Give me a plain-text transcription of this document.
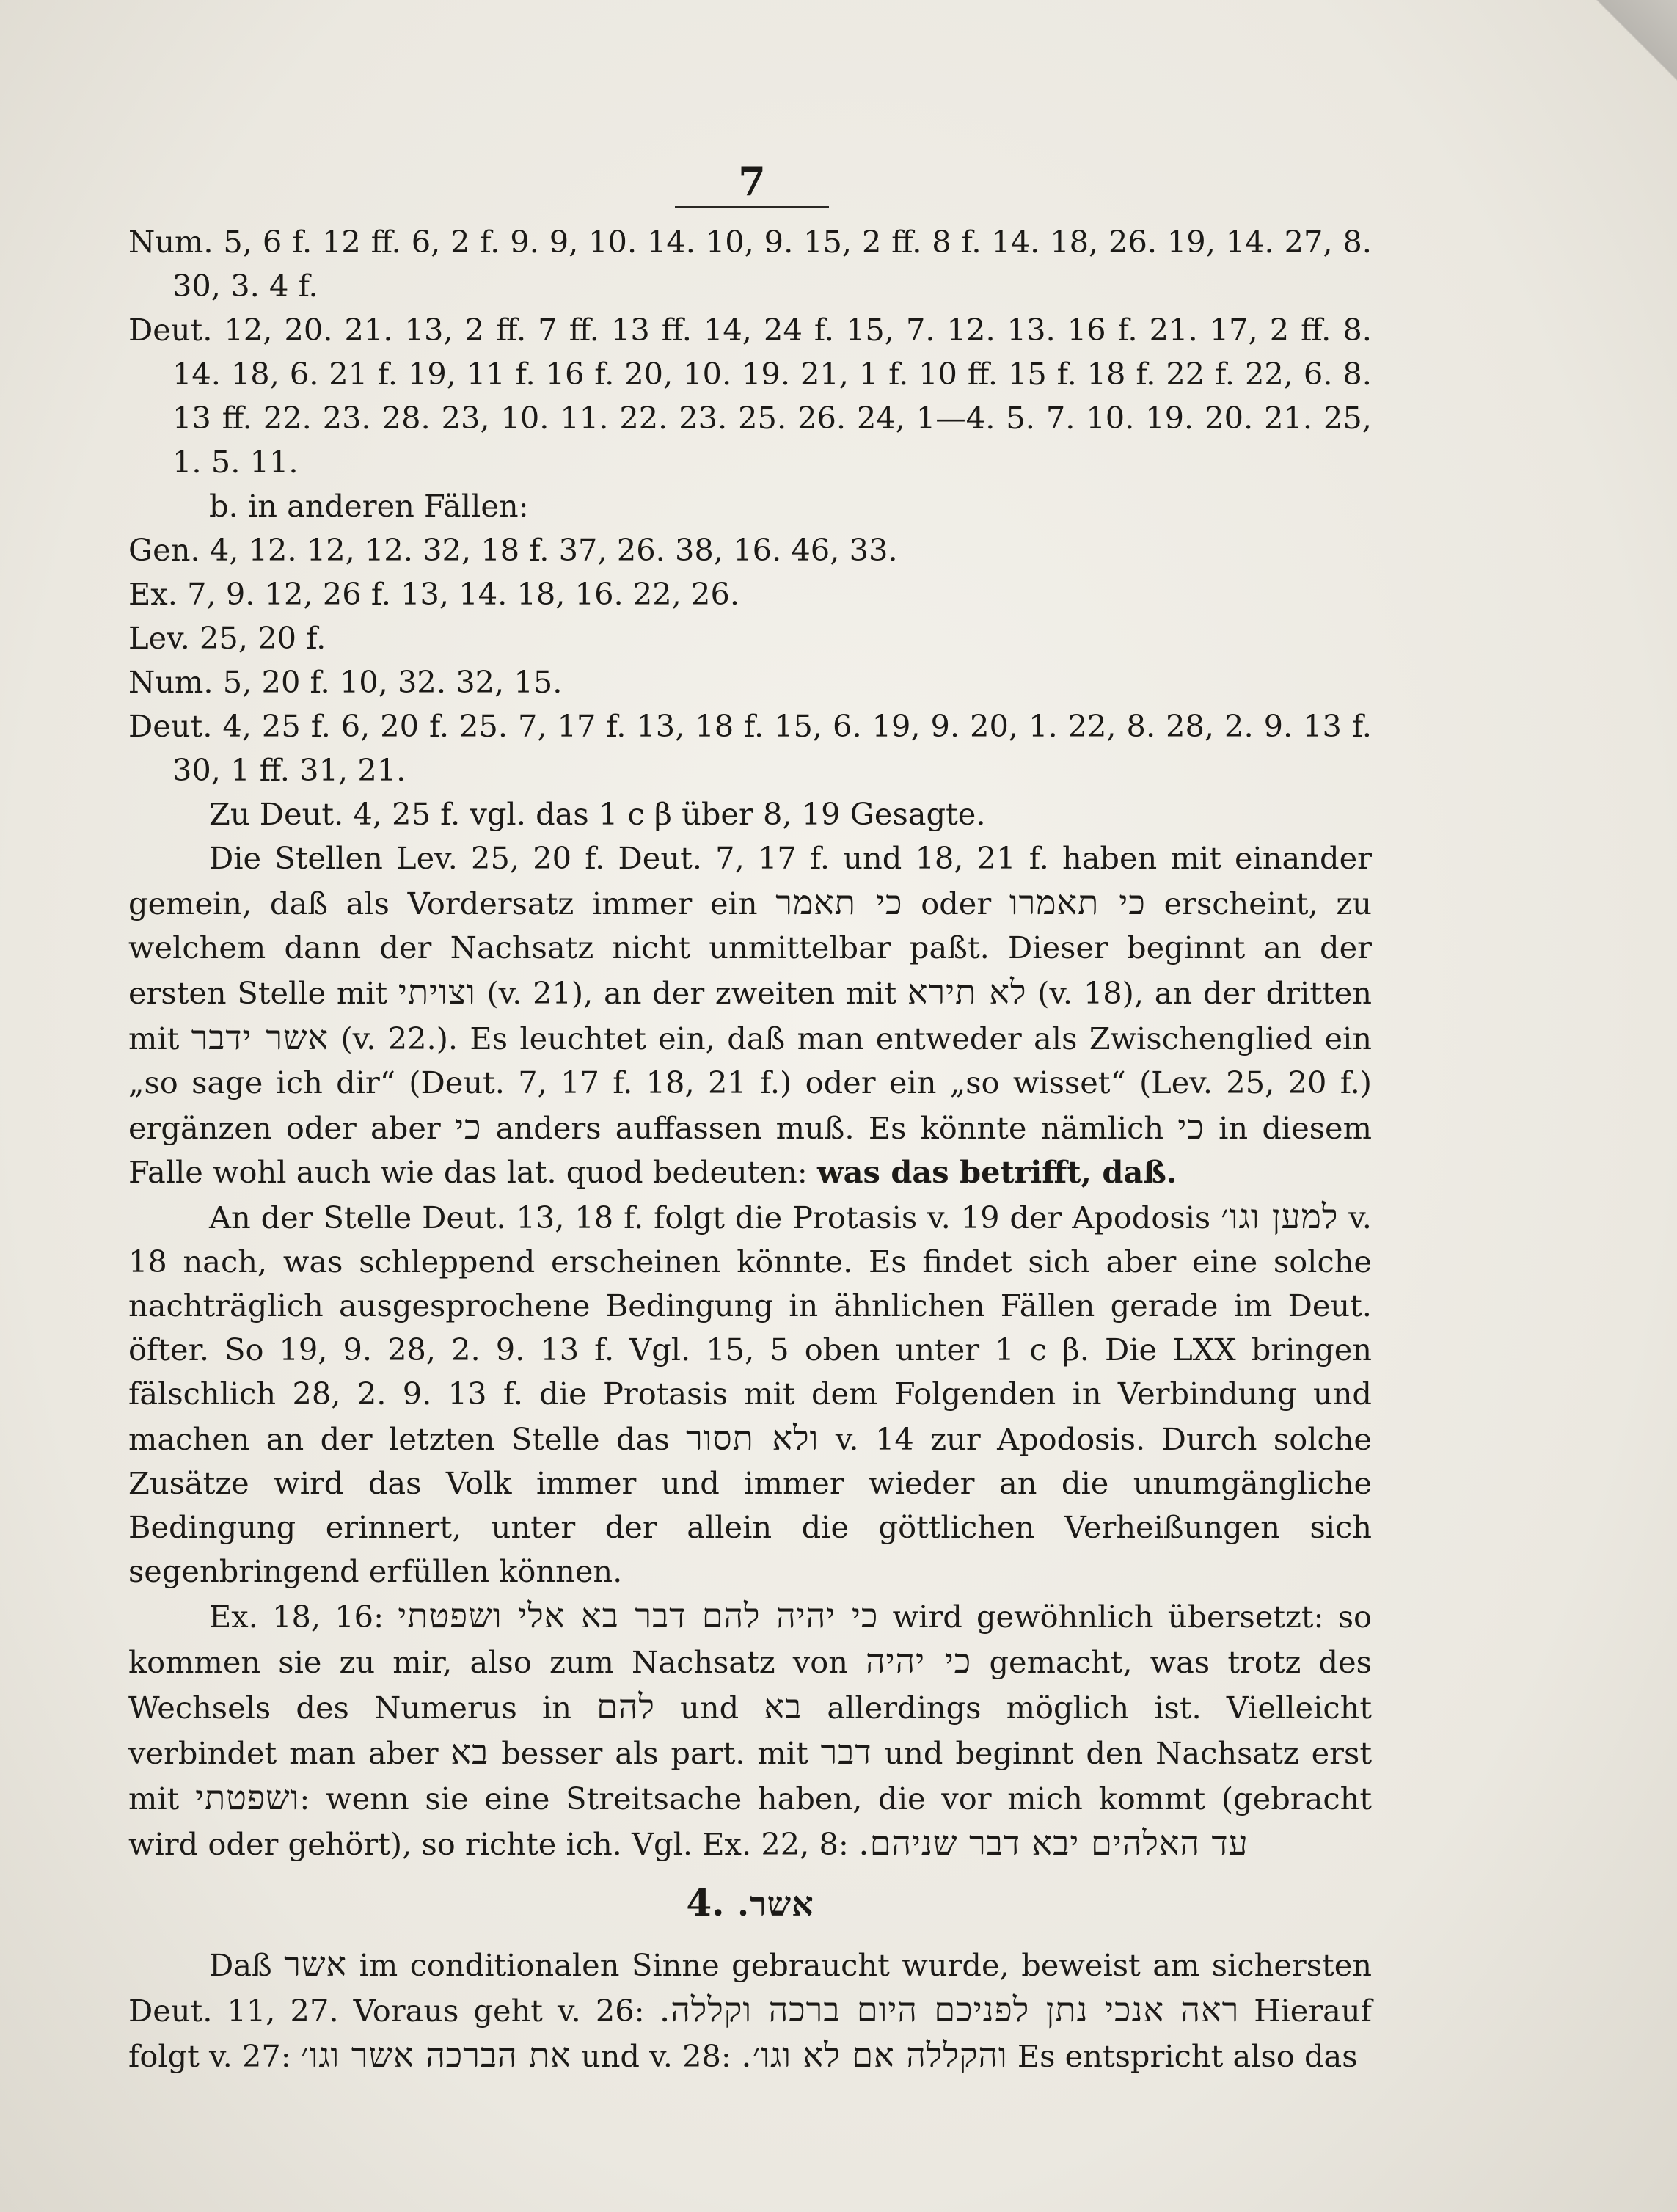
7

Num. 5, 6 f. 12 ff. 6, 2 f. 9. 9, 10. 14. 10, 9. 15, 2 ff. 8 f. 14. 18, 26. 19, 14. 27, 8. 30, 3. 4 f.

Deut. 12, 20. 21. 13, 2 ff. 7 ff. 13 ff. 14, 24 f. 15, 7. 12. 13. 16 f. 21. 17, 2 ff. 8. 14. 18, 6. 21 f. 19, 11 f. 16 f. 20, 10. 19. 21, 1 f. 10 ff. 15 f. 18 f. 22 f. 22, 6. 8. 13 ff. 22. 23. 28. 23, 10. 11. 22. 23. 25. 26. 24, 1—4. 5. 7. 10. 19. 20. 21. 25, 1. 5. 11.

b. in anderen Fällen:

Gen. 4, 12. 12, 12. 32, 18 f. 37, 26. 38, 16. 46, 33.

Ex. 7, 9. 12, 26 f. 13, 14. 18, 16. 22, 26.

Lev. 25, 20 f.

Num. 5, 20 f. 10, 32. 32, 15.

Deut. 4, 25 f. 6, 20 f. 25. 7, 17 f. 13, 18 f. 15, 6. 19, 9. 20, 1. 22, 8. 28, 2. 9. 13 f. 30, 1 ff. 31, 21.

Zu Deut. 4, 25 f. vgl. das 1 c β über 8, 19 Gesagte.

Die Stellen Lev. 25, 20 f. Deut. 7, 17 f. und 18, 21 f. haben mit einander gemein, daß als Vordersatz immer ein כי תאמר oder כי תאמרו erscheint, zu welchem dann der Nachsatz nicht unmittelbar paßt. Dieser beginnt an der ersten Stelle mit וצויתי (v. 21), an der zweiten mit לא תירא (v. 18), an der dritten mit אשר ידבר (v. 22.). Es leuchtet ein, daß man entweder als Zwischenglied ein „so sage ich dir“ (Deut. 7, 17 f. 18, 21 f.) oder ein „so wisset“ (Lev. 25, 20 f.) ergänzen oder aber כי anders auffassen muß. Es könnte nämlich כי in diesem Falle wohl auch wie das lat. quod bedeuten: was das betrifft, daß.

An der Stelle Deut. 13, 18 f. folgt die Protasis v. 19 der Apodosis למען וגו׳ v. 18 nach, was schleppend erscheinen könnte. Es findet sich aber eine solche nachträglich ausgesprochene Bedingung in ähnlichen Fällen gerade im Deut. öfter. So 19, 9. 28, 2. 9. 13 f. Vgl. 15, 5 oben unter 1 c β. Die LXX bringen fälschlich 28, 2. 9. 13 f. die Protasis mit dem Folgenden in Verbindung und machen an der letzten Stelle das ולא תסור v. 14 zur Apodosis. Durch solche Zusätze wird das Volk immer und immer wieder an die unumgängliche Bedingung erinnert, unter der allein die göttlichen Verheißungen sich segenbringend erfüllen können.

Ex. 18, 16: כי יהיה להם דבר בא אלי ושפטתי wird gewöhnlich übersetzt: so kommen sie zu mir, also zum Nachsatz von כי יהיה gemacht, was trotz des Wechsels des Numerus in להם und בא allerdings möglich ist. Vielleicht verbindet man aber בא besser als part. mit דבר und beginnt den Nachsatz erst mit ושפטתי: wenn sie eine Streitsache haben, die vor mich kommt (gebracht wird oder gehört), so richte ich. Vgl. Ex. 22, 8: עד האלהים יבא דבר שניהם.

4. אשר.

Daß אשר im conditionalen Sinne gebraucht wurde, beweist am sichersten Deut. 11, 27. Voraus geht v. 26: ראה אנכי נתן לפניכם היום ברכה וקללה. Hierauf folgt v. 27: את הברכה אשר וגו׳ und v. 28: והקללה אם לא וגו׳. Es entspricht also das
